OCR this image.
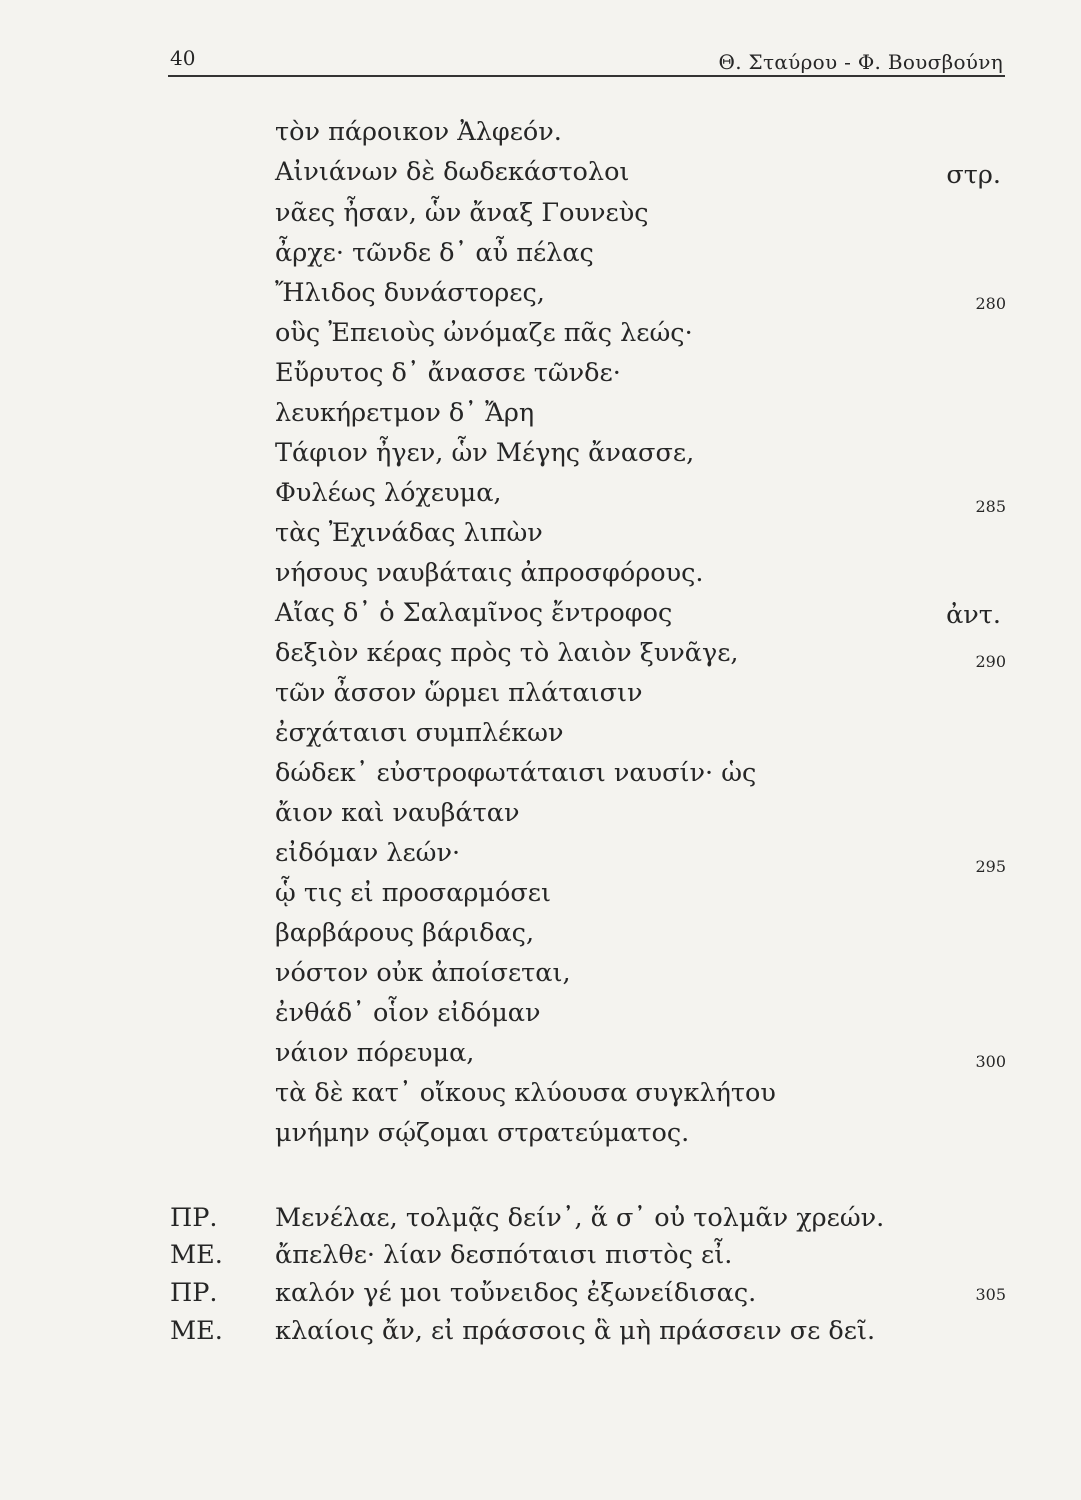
40	Θ. Σταύρου - Φ. Βουσβούνη
τὸν πάροικον Ἀλφεόν.
Αἰνιάνων δὲ δωδεκάστολοι
νᾶες ἦσαν, ὧν ἄναξ Γουνεὺς
ἆρχε· τῶνδε δ᾽ αὖ πέλας
Ἤλιδος δυνάστορες,
οὓς Ἐπειοὺς ὠνόμαζε πᾶς λεώς·
Εὔρυτος δ᾽ ἄνασσε τῶνδε·
λευκήρετμον δ᾽ Ἄρη
Τάφιον ἦγεν, ὧν Μέγης ἄνασσε,
Φυλέως λόχευμα,
τὰς Ἐχινάδας λιπὼν
νήσους ναυβάταις ἀπροσφόρους.
Αἴας δ᾽ ὁ Σαλαμῖνος ἔντροφος
δεξιὸν κέρας πρὸς τὸ λαιὸν ξυνᾶγε,
τῶν ἆσσον ὥρμει πλάταισιν
ἐσχάταισι συμπλέκων
δώδεκ᾽ εὐστροφωτάταισι ναυσίν· ὡς
ἄιον καὶ ναυβάταν
εἰδόμαν λεών·
ᾧ τις εἰ προσαρμόσει
βαρβάρους βάριδας,
νόστον οὐκ ἀποίσεται,
ἐνθάδ᾽ οἷον εἰδόμαν
νάιον πόρευμα,
τὰ δὲ κατ᾽ οἴκους κλύουσα συγκλήτου
μνήμην σῴζομαι στρατεύματος.
στρ.
ἀντ.
280
285
290
295
300
305
ΠΡ. Μενέλαε, τολμᾷς δείν᾽, ἅ σ᾽ οὐ τολμᾶν χρεών.
ΜΕ. ἄπελθε· λίαν δεσπόταισι πιστὸς εἶ.
ΠΡ. καλόν γέ μοι τοὔνειδος ἐξωνείδισας.
ΜΕ. κλαίοις ἄν, εἰ πράσσοις ἃ μὴ πράσσειν σε δεῖ.
